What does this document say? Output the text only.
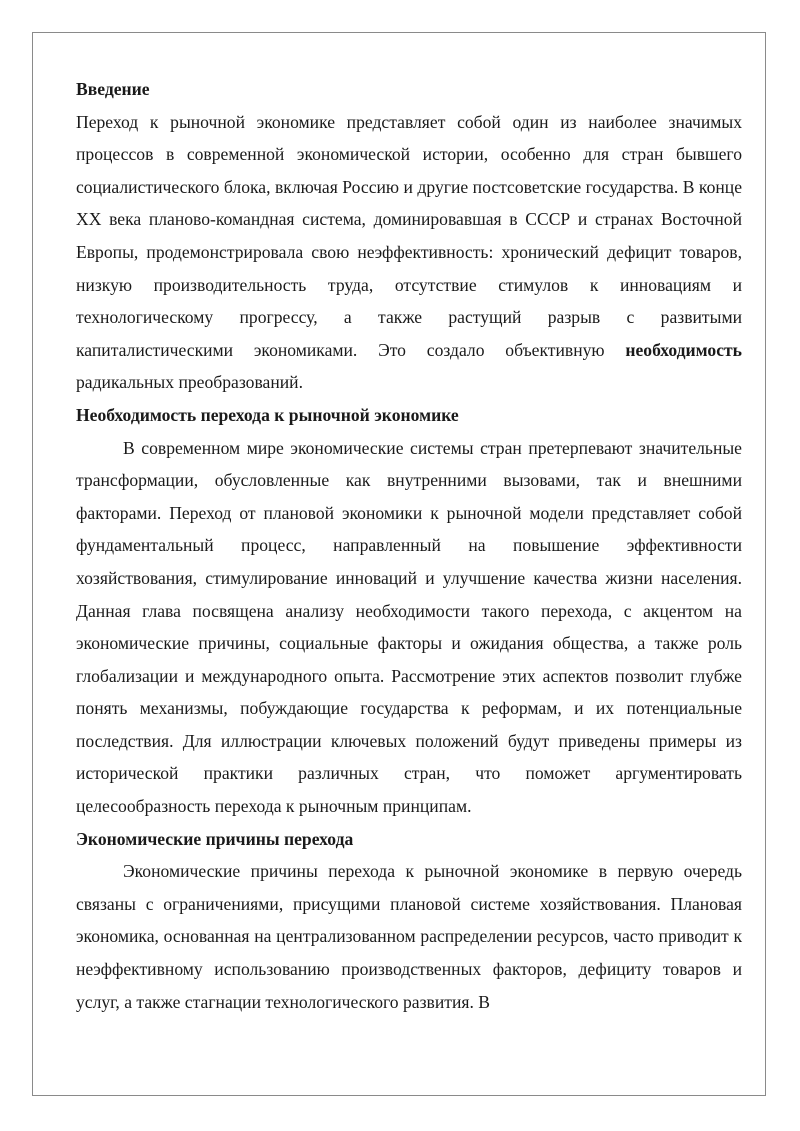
Введение

Переход к рыночной экономике представляет собой один из наиболее значимых процессов в современной экономической истории, особенно для стран бывшего социалистического блока, включая Россию и другие постсоветские государства. В конце XX века планово-командная система, доминировавшая в СССР и странах Восточной Европы, продемонстрировала свою неэффективность: хронический дефицит товаров, низкую производительность труда, отсутствие стимулов к инновациям и технологическому прогрессу, а также растущий разрыв с развитыми капиталистическими экономиками. Это создало объективную необходимость радикальных преобразований.

Необходимость перехода к рыночной экономике

В современном мире экономические системы стран претерпевают значительные трансформации, обусловленные как внутренними вызовами, так и внешними факторами. Переход от плановой экономики к рыночной модели представляет собой фундаментальный процесс, направленный на повышение эффективности хозяйствования, стимулирование инноваций и улучшение качества жизни населения. Данная глава посвящена анализу необходимости такого перехода, с акцентом на экономические причины, социальные факторы и ожидания общества, а также роль глобализации и международного опыта. Рассмотрение этих аспектов позволит глубже понять механизмы, побуждающие государства к реформам, и их потенциальные последствия. Для иллюстрации ключевых положений будут приведены примеры из исторической практики различных стран, что поможет аргументировать целесообразность перехода к рыночным принципам.

Экономические причины перехода

Экономические причины перехода к рыночной экономике в первую очередь связаны с ограничениями, присущими плановой системе хозяйствования. Плановая экономика, основанная на централизованном распределении ресурсов, часто приводит к неэффективному использованию производственных факторов, дефициту товаров и услуг, а также стагнации технологического развития. В
